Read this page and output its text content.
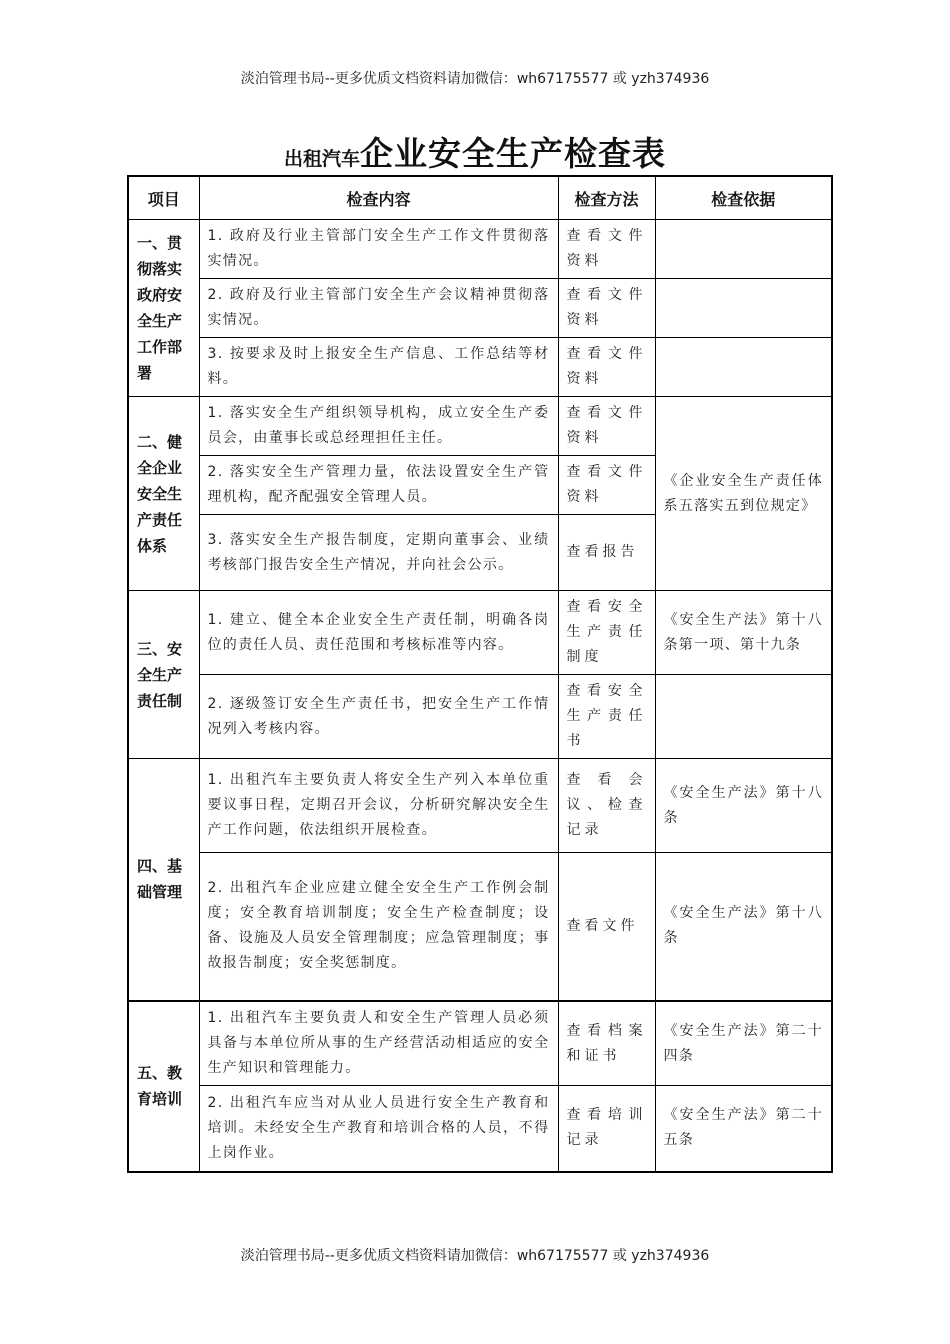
淡泊管理书局--更多优质文档资料请加微信：wh67175577 或 yzh374936
出租汽车企业安全生产检查表
项目	检查内容	检查方法	检查依据
一、贯彻落实政府安全生产工作部署	1. 政府及行业主管部门安全生产工作文件贯彻落实情况。	查看文件资料	
	2. 政府及行业主管部门安全生产会议精神贯彻落实情况。	查看文件资料	
	3. 按要求及时上报安全生产信息、工作总结等材料。	查看文件资料	
二、健全企业安全生产责任体系	1. 落实安全生产组织领导机构，成立安全生产委员会，由董事长或总经理担任主任。	查看文件资料	《企业安全生产责任体系五落实五到位规定》
	2. 落实安全生产管理力量，依法设置安全生产管理机构，配齐配强安全管理人员。	查看文件资料	
	3. 落实安全生产报告制度，定期向董事会、业绩考核部门报告安全生产情况，并向社会公示。	查看报告	
三、安全生产责任制	1. 建立、健全本企业安全生产责任制，明确各岗位的责任人员、责任范围和考核标准等内容。	查看安全生产责任制度	《安全生产法》第十八条第一项、第十九条
	2. 逐级签订安全生产责任书，把安全生产工作情况列入考核内容。	查看安全生产责任书	
四、基础管理	1. 出租汽车主要负责人将安全生产列入本单位重要议事日程，定期召开会议，分析研究解决安全生产工作问题，依法组织开展检查。	查看会议、检查记录	《安全生产法》第十八条
	2. 出租汽车企业应建立健全安全生产工作例会制度；安全教育培训制度；安全生产检查制度；设备、设施及人员安全管理制度；应急管理制度；事故报告制度；安全奖惩制度。	查看文件	《安全生产法》第十八条
五、教育培训	1. 出租汽车主要负责人和安全生产管理人员必须具备与本单位所从事的生产经营活动相适应的安全生产知识和管理能力。	查看档案和证书	《安全生产法》第二十四条
	2. 出租汽车应当对从业人员进行安全生产教育和培训。未经安全生产教育和培训合格的人员，不得上岗作业。	查看培训记录	《安全生产法》第二十五条
淡泊管理书局--更多优质文档资料请加微信：wh67175577 或 yzh374936
